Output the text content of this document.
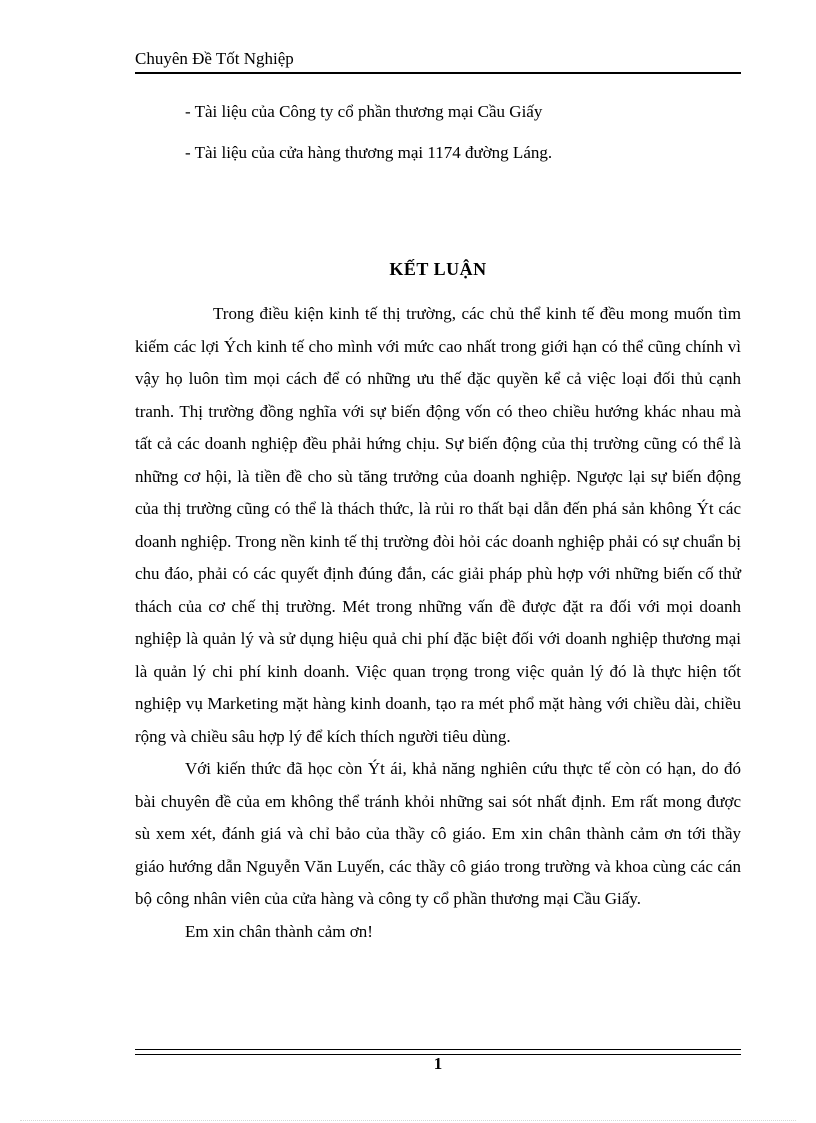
Chuyên Đề Tốt Nghiệp
- Tài liệu của Công ty cổ phần thương mại Cầu Giấy
- Tài liệu của cửa hàng thương mại 1174 đường Láng.
KẾT LUẬN

Trong điều kiện kinh tế thị trường, các chủ thể kinh tế đều mong muốn tìm kiếm các lợi Ých kinh tế cho mình với mức cao nhất trong giới hạn có thể cũng chính vì vậy họ luôn tìm mọi cách để có những ưu thế đặc quyền kể cả việc loại đối thủ cạnh tranh. Thị trường đồng nghĩa với sự biến động vốn có theo chiều hướng khác nhau mà tất cả các doanh nghiệp đều phải hứng chịu. Sự biến động của thị trường cũng có thể là những cơ hội, là tiền đề cho sù tăng trưởng của doanh nghiệp. Ngược lại sự biến động của thị trường cũng có thể là thách thức, là rủi ro thất bại dẫn đến phá sản không Ýt các doanh nghiệp. Trong nền kinh tế thị trường đòi hỏi các doanh nghiệp phải có sự chuẩn bị chu đáo, phải có các quyết định đúng đắn, các giải pháp phù hợp với những biến cố thử thách của cơ chế thị trường. Mét trong những vấn đề được đặt ra đối với mọi doanh nghiệp là quản lý và sử dụng hiệu quả chi phí đặc biệt đối với doanh nghiệp thương mại là quản lý chi phí kinh doanh. Việc quan trọng trong việc quản lý đó là thực hiện tốt nghiệp vụ Marketing mặt hàng kinh doanh, tạo ra mét phổ mặt hàng với chiều dài, chiều rộng và chiều sâu hợp lý để kích thích người tiêu dùng.

Với kiến thức đã học còn Ýt ái, khả năng nghiên cứu thực tế còn có hạn, do đó bài chuyên đề của em không thể tránh khỏi những sai sót nhất định. Em rất mong được sù xem xét, đánh giá và chỉ bảo của thầy cô giáo. Em xin chân thành cảm ơn tới thầy giáo hướng dẫn Nguyễn Văn Luyến, các thầy cô giáo trong trường và khoa cùng các cán bộ công nhân viên của cửa hàng và công ty cổ phần thương mại Cầu Giấy.

Em xin chân thành cảm ơn!

1
